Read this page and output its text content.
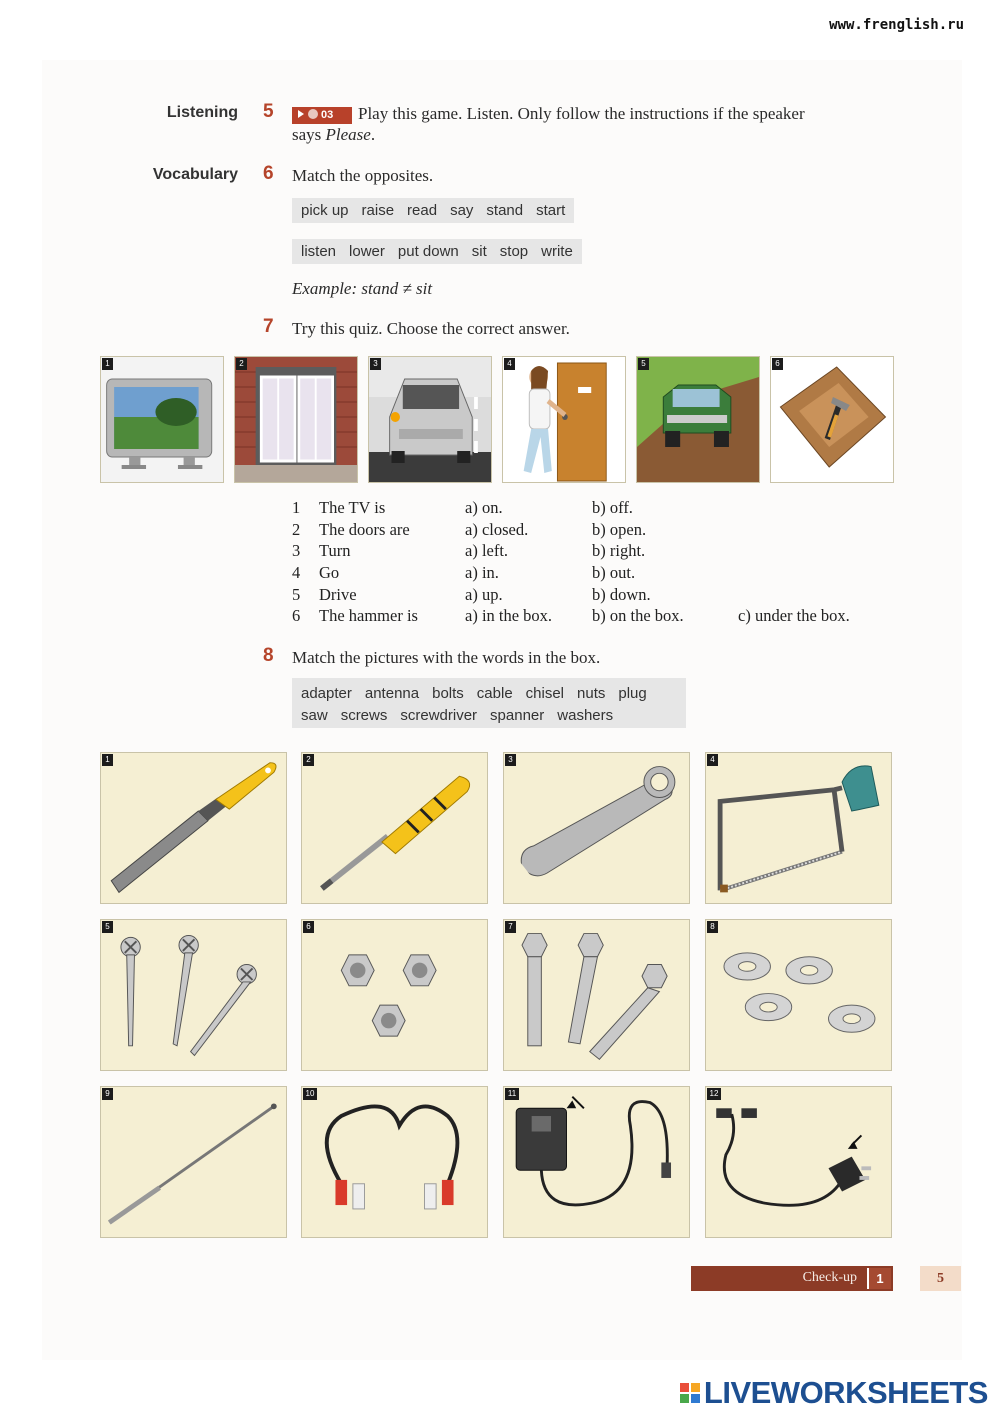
www.frenglish.ru
Listening 5	03 Play this game. Listen. Only follow the instructions if the speaker
says Please.
Vocabulary 6 Match the opposites.
pick up raise read say stand start
listen lower put down sit stop write
Example: stand ≠ sit
7 Try this quiz. Choose the correct answer.
1	2	3	4	5	6
1 The TV is	a) on.	b) off.
2 The doors are	a) closed.	b) open.
3 Turn	a) left.	b) right.
4 Go	a) in.	b) out.
5 Drive	a) up.	b) down.
6 The hammer is	a) in the box. b) on the box.	c) under the box.
8 Match the pictures with the words in the box.
adapter antenna bolts cable chisel nuts plug
saw screws screwdriver spanner washers
1	2	3	4
5	6	7	8
9	10	11	12
Check-up	1	5
LIVEWORKSHEETS
